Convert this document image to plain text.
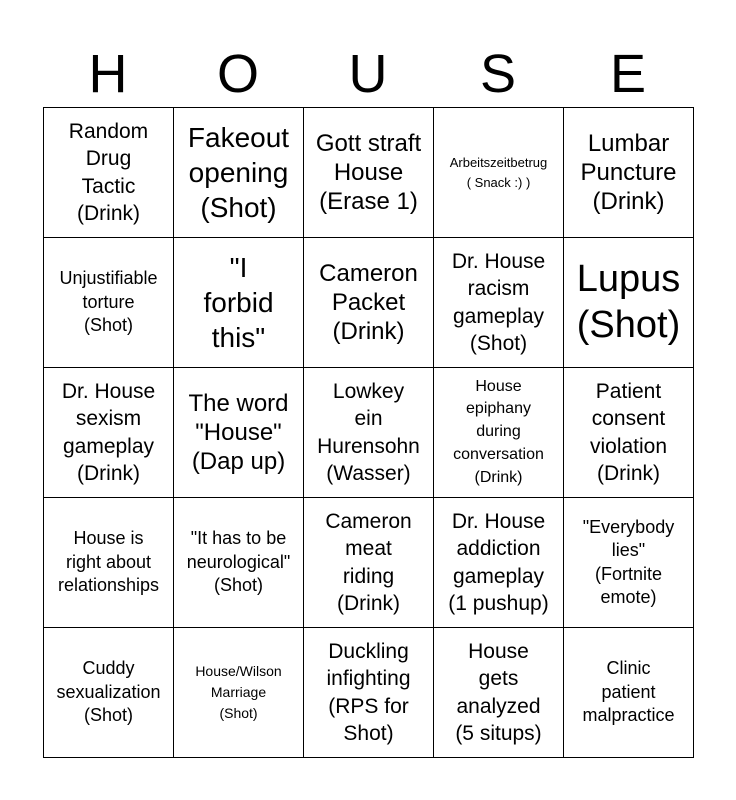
H	O	U	S	E
Random
Drug
Tactic
(Drink)	Fakeout
opening
(Shot)	Gott straft
House
(Erase 1)	Arbeitszeitbetrug
( Snack :) )	Lumbar
Puncture
(Drink)

Unjustifiable
torture
(Shot)	"I
forbid
this"	Cameron
Packet
(Drink)	Dr. House
racism
gameplay
(Shot)	Lupus
(Shot)

Dr. House
sexism
gameplay
(Drink)	The word
"House"
(Dap up)	Lowkey
ein
Hurensohn
(Wasser)	House
epiphany
during
conversation
(Drink)	Patient
consent
violation
(Drink)

House is
right about
relationships	"It has to be
neurological"
(Shot)	Cameron
meat
riding
(Drink)	Dr. House
addiction
gameplay
(1 pushup)	"Everybody
lies"
(Fortnite
emote)

Cuddy
sexualization
(Shot)	House/Wilson
Marriage
(Shot)	Duckling
infighting
(RPS for
Shot)	House
gets
analyzed
(5 situps)	Clinic
patient
malpractice
